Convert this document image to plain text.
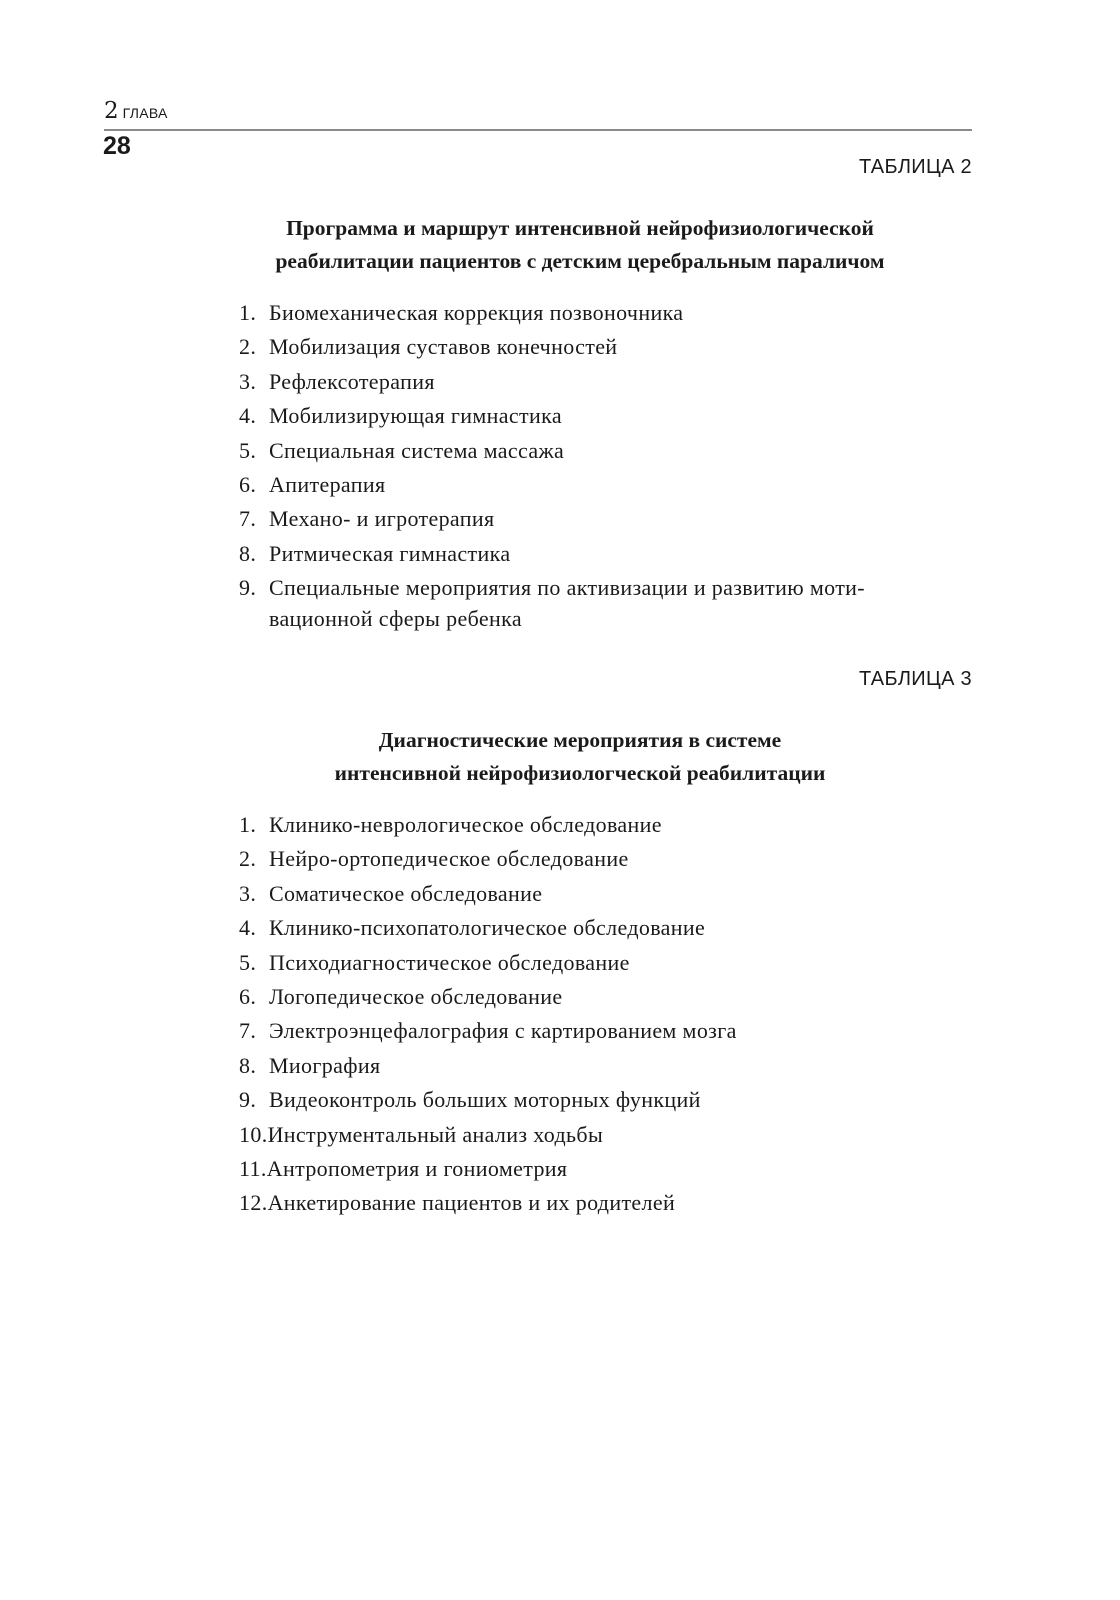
2 ГЛАВА
28
ТАБЛИЦА 2
Программа и маршрут интенсивной нейрофизиологической
реабилитации пациентов с детским церебральным параличом
1. Биомеханическая коррекция позвоночника
2. Мобилизация суставов конечностей
3. Рефлексотерапия
4. Мобилизирующая гимнастика
5. Специальная система массажа
6. Апитерапия
7. Механо- и игротерапия
8. Ритмическая гимнастика
9. Специальные мероприятия по активизации и развитию моти-
вационной сферы ребенка
ТАБЛИЦА 3
Диагностические мероприятия в системе
интенсивной нейрофизиологческой реабилитации
1. Клинико-неврологическое обследование
2. Нейро-ортопедическое обследование
3. Соматическое обследование
4. Клинико-психопатологическое обследование
5. Психодиагностическое обследование
6. Логопедическое обследование
7. Электроэнцефалография с картированием мозга
8. Миография
9. Видеоконтроль больших моторных функций
10.Инструментальный анализ ходьбы
11.Антропометрия и гониометрия
12.Анкетирование пациентов и их родителей
